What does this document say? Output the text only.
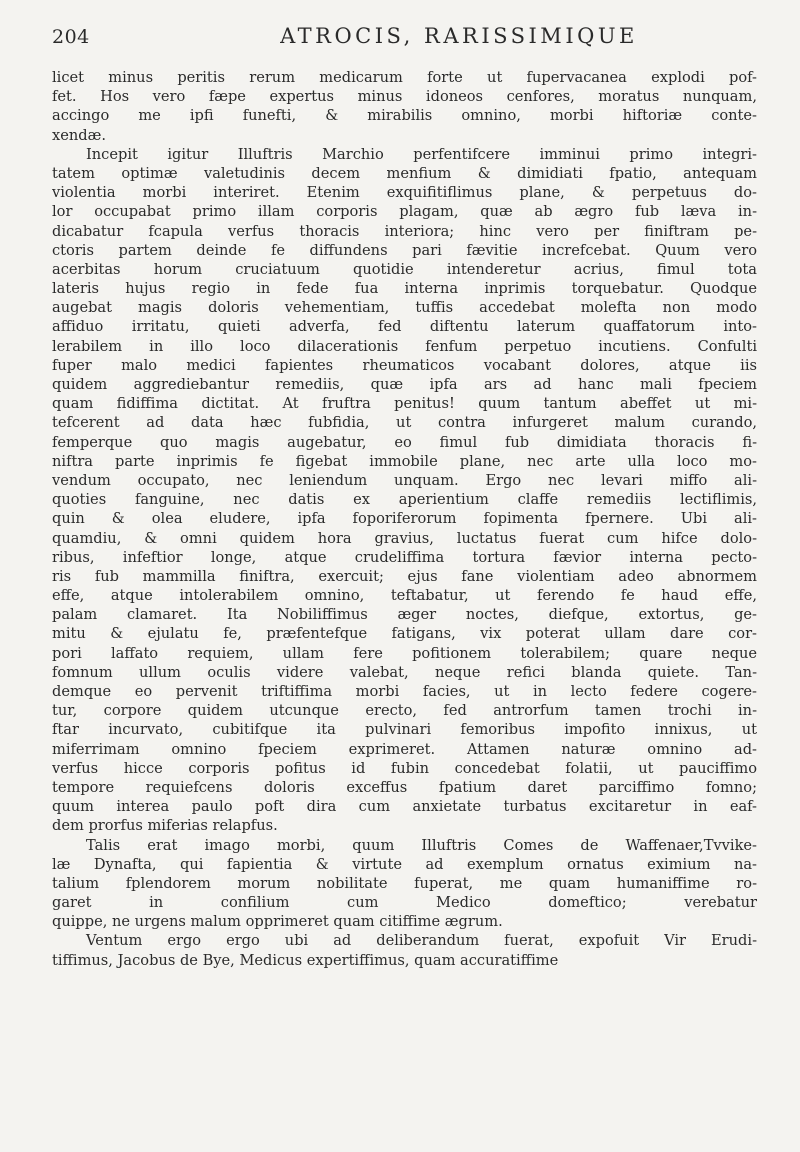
204	ATROCIS, RARISSIMIQUE
licet minus peritis rerum medicarum forte ut fupervacanea explodi pof-
fet. Hos vero fæpe expertus minus idoneos cenfores, moratus nunquam,
accingo me ipfi funefti, & mirabilis omnino, morbi hiftoriæ conte-
xendæ.
Incepit igitur Illuftris Marchio perfentifcere imminui primo integri-
tatem optimæ valetudinis decem menfium & dimidiati fpatio, antequam
violentia morbi interiret. Etenim exquifitiflimus plane, & perpetuus do-
lor occupabat primo illam corporis plagam, quæ ab ægro fub læva in-
dicabatur fcapula verfus thoracis interiora; hinc vero per finiftram pe-
ctoris partem deinde fe diffundens pari fævitie increfcebat. Quum vero
acerbitas horum cruciatuum quotidie intenderetur acrius, fimul tota
lateris hujus regio in fede fua interna inprimis torquebatur. Quodque
augebat magis doloris vehementiam, tuffis accedebat molefta non modo
affiduo irritatu, quieti adverfa, fed diftentu laterum quaffatorum into-
lerabilem in illo loco dilacerationis fenfum perpetuo incutiens. Confulti
fuper malo medici fapientes rheumaticos vocabant dolores, atque iis
quidem aggrediebantur remediis, quæ ipfa ars ad hanc mali fpeciem
quam fidiffima dictitat. At fruftra penitus! quum tantum abeffet ut mi-
tefcerent ad data hæc fubfidia, ut contra infurgeret malum curando,
femperque quo magis augebatur, eo fimul fub dimidiata thoracis fi-
niftra parte inprimis fe figebat immobile plane, nec arte ulla loco mo-
vendum occupato, nec leniendum unquam. Ergo nec levari miffo ali-
quoties fanguine, nec datis ex aperientium claffe remediis lectiflimis,
quin & olea eludere, ipfa foporiferorum fopimenta fpernere. Ubi ali-
quamdiu, & omni quidem hora gravius, luctatus fuerat cum hifce dolo-
ribus, infeftior longe, atque crudeliffima tortura fævior interna pecto-
ris fub mammilla finiftra, exercuit; ejus fane violentiam adeo abnormem
effe, atque intolerabilem omnino, teftabatur, ut ferendo fe haud effe,
palam clamaret. Ita Nobiliffimus æger noctes, diefque, extortus, ge-
mitu & ejulatu fe, præfentefque fatigans, vix poterat ullam dare cor-
pori laffato requiem, ullam fere pofitionem tolerabilem; quare neque
fomnum ullum oculis videre valebat, neque refici blanda quiete. Tan-
demque eo pervenit triftiffima morbi facies, ut in lecto federe cogere-
tur, corpore quidem utcunque erecto, fed antrorfum tamen trochi in-
ftar incurvato, cubitifque ita pulvinari femoribus impofito innixus, ut
miferrimam omnino fpeciem exprimeret. Attamen naturæ omnino ad-
verfus hicce corporis pofitus id fubin concedebat folatii, ut pauciffimo
tempore requiefcens doloris exceffus fpatium daret parciffimo fomno;
quum interea paulo poft dira cum anxietate turbatus excitaretur in eaf-
dem prorfus miferias relapfus.
Talis erat imago morbi, quum Illuftris Comes de Waffenaer,Tvvike-
læ Dynafta, qui fapientia & virtute ad exemplum ornatus eximium na-
talium fplendorem morum nobilitate fuperat, me quam humaniffime ro-
garet in confilium cum Medico domeftico; verebatur
quippe, ne urgens malum opprimeret quam citiffime ægrum.
Ventum ergo ergo ubi ad deliberandum fuerat, expofuit Vir Erudi-
tiffimus, Jacobus de Bye, Medicus expertiffimus, quam accuratiffime
